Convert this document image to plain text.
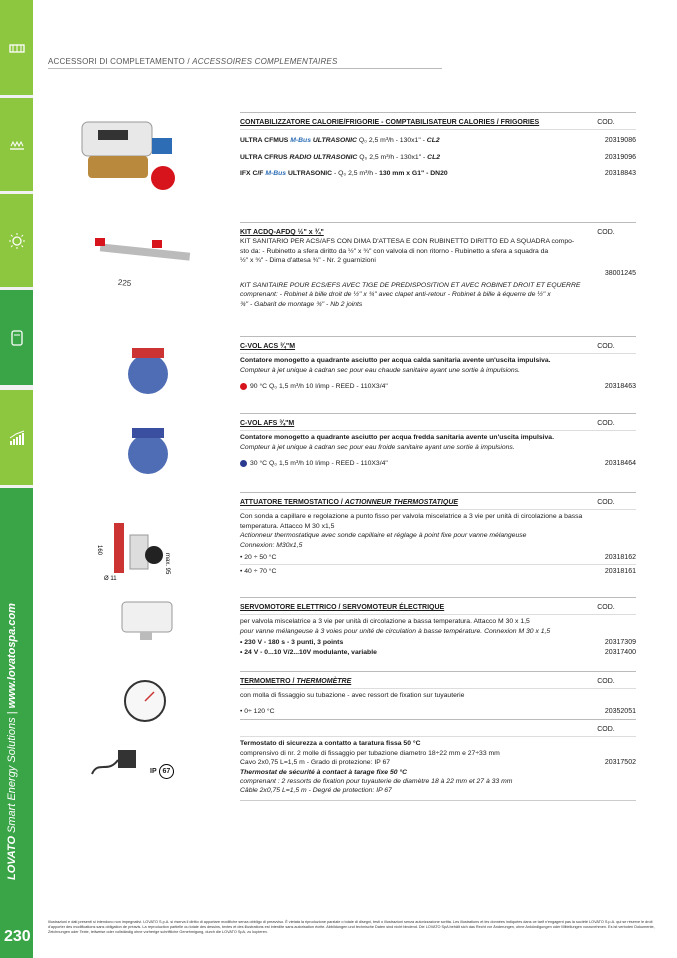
LOVATO Smart Energy Solutions | www.lovatospa.com
230
ACCESSORI DI COMPLETAMENTO / ACCESSOIRES COMPLEMENTAIRES
225
160
max. 95
Ø 11
IP 67
CONTABILIZZATORE CALORIE/FRIGORIE - COMPTABILISATEUR CALORIES / FRIGORIES	COD.
ULTRA CFMUS M-Bus ULTRASONIC Q₀ 2,5 m³/h - 130x1" - CL2	20319086
ULTRA CFRUS RADIO ULTRASONIC Q₀ 2,5 m³/h - 130x1" - CL2	20319096
IFX C/F M-Bus ULTRASONIC - Q₀ 2,5 m³/h - 130 mm x G1" - DN20	20318843
KIT ACDQ-AFDQ ½" x ¾"	COD.
KIT SANITARIO PER ACS/AFS CON DIMA D'ATTESA E CON RUBINETTO DIRITTO ED A SQUADRA compo-
sto da: - Rubinetto a sfera diritto da ½" x ¾" con valvola di non ritorno - Rubinetto a sfera a squadra da
½" x ¾" - Dima d'attesa ¾" - Nr. 2 guarnizioni
38001245
KIT SANITAIRE POUR ECS/EFS AVEC TIGE DE PREDISPOSITION ET AVEC ROBINET DROIT ET EQUERRE
comprenant: - Robinet à bille droit de ½" x ¾" avec clapet anti-retour - Robinet à bille à équerre de ½" x
¾" - Gabarit de montage ¾" - Nb 2 joints
C-VOL ACS ¾"M	COD.
Contatore monogetto a quadrante asciutto per acqua calda sanitaria avente un'uscita impulsiva.
Compteur à jet unique à cadran sec pour eau chaude sanitaire ayant une sortie à impulsions.
90 °C Q₀ 1,5 m³/h 10 l/imp - REED - 110X3/4"	20318463
C-VOL AFS ¾"M	COD.
Contatore monogetto a quadrante asciutto per acqua fredda sanitaria avente un'uscita impulsiva.
Compteur à jet unique à cadran sec pour eau froide sanitaire ayant une sortie à impulsions.
30 °C Q₀ 1,5 m³/h 10 l/imp - REED - 110X3/4"	20318464
ATTUATORE TERMOSTATICO / ACTIONNEUR THERMOSTATIQUE	COD.
Con sonda a capillare e regolazione a punto fisso per valvola miscelatrice a 3 vie per unità di circolazione a bassa
temperatura. Attacco M 30 x1,5
Actionneur thermostatique avec sonde capillaire et réglage à point fixe pour vanne mélangeuse
Connexion: M30x1,5
• 20 ÷ 50 °C	20318162
• 40 ÷ 70 °C	20318161
SERVOMOTORE ELETTRICO / SERVOMOTEUR ÉLECTRIQUE	COD.
per valvola miscelatrice a 3 vie per unità di circolazione a bassa temperatura. Attacco M 30 x 1,5
pour vanne mélangeuse à 3 voies pour unité de circulation à basse température. Connexion M 30 x 1,5
• 230 V - 180 s - 3 punti, 3 points	20317309
• 24 V - 0...10 V/2...10V modulante, variable	20317400
TERMOMETRO / THERMOMÈTRE	COD.
con molla di fissaggio su tubazione - avec ressort de fixation sur tuyauterie
• 0÷ 120 °C	20352051
COD.
Termostato di sicurezza a contatto a taratura fissa 50 °C
comprensivo di nr. 2 molle di fissaggio per tubazione diametro 18÷22 mm e 27÷33 mm
Cavo 2x0,75 L=1,5 m - Grado di protezione: IP 67	20317502
Thermostat de sécurité à contact à tarage fixe 50 °C
comprenant : 2 ressorts de fixation pour tuyauterie de diamètre 18 à 22 mm et 27 à 33 mm
Câble 2x0,75 L=1,5 m - Degré de protection: IP 67
Illustrazioni e dati presenti si intendono non impegnativi. LOVATO S.p.A. si riserva il diritto di apportare modifiche senza obbligo di preavviso. È vietata la riproduzione parziale o totale di disegni, testi o illustrazioni senza autorizzazione scritta. Les illustrations et les données indiquées dans ce tarif n'engagent pas la société LOVATO S.p.A. qui se réserve le droit d'apporter des modifications sans obligation de préavis. La reproduction partielle ou totale des dessins, textes et des illustrations est interdite sans autorisation écrite. Abbildungen und technische Daten sind nicht bindend. Die LOVATO SpA behält sich das Recht vor Änderungen, ohne Ankündigungen oder Mitteilungen vorzunehmen. Es ist verboten Dokumente, Zeichnungen oder Texte, teilweise oder vollständig ohne vorherige schriftliche Genehmigung, durch die LOVATO SpA, zu kopieren.
